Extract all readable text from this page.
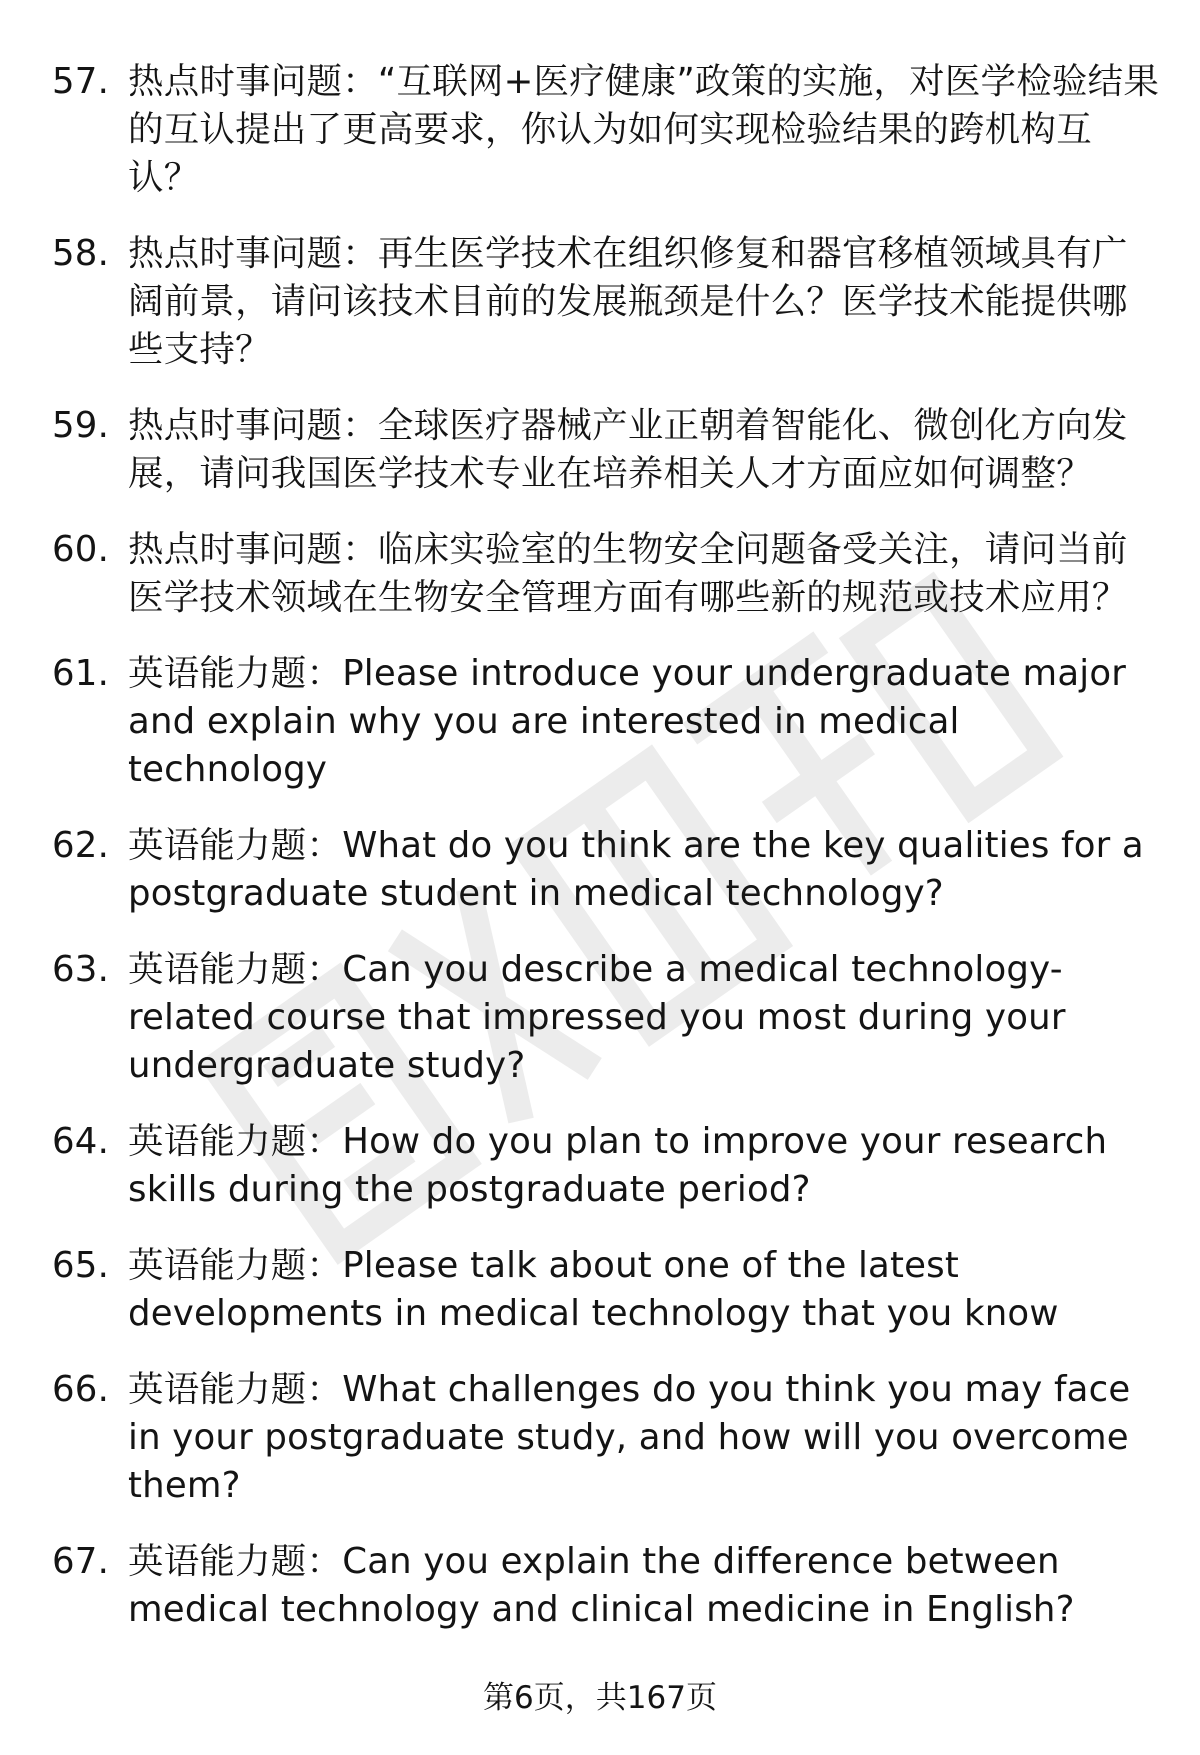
57. 热点时事问题：“互联网+医疗健康”政策的实施，对医学检验结果的互认提出了更高要求，你认为如何实现检验结果的跨机构互认？
58. 热点时事问题：再生医学技术在组织修复和器官移植领域具有广阔前景，请问该技术目前的发展瓶颈是什么？医学技术能提供哪些支持？
59. 热点时事问题：全球医疗器械产业正朝着智能化、微创化方向发展，请问我国医学技术专业在培养相关人才方面应如何调整？
60. 热点时事问题：临床实验室的生物安全问题备受关注，请问当前医学技术领域在生物安全管理方面有哪些新的规范或技术应用？
61. 英语能力题：Please introduce your undergraduate major and explain why you are interested in medical technology
62. 英语能力题：What do you think are the key qualities for a postgraduate student in medical technology?
63. 英语能力题：Can you describe a medical technology-related course that impressed you most during your undergraduate study?
64. 英语能力题：How do you plan to improve your research skills during the postgraduate period?
65. 英语能力题：Please talk about one of the latest developments in medical technology that you know
66. 英语能力题：What challenges do you think you may face in your postgraduate study, and how will you overcome them?
67. 英语能力题：Can you explain the difference between medical technology and clinical medicine in English?
第6页，共167页
